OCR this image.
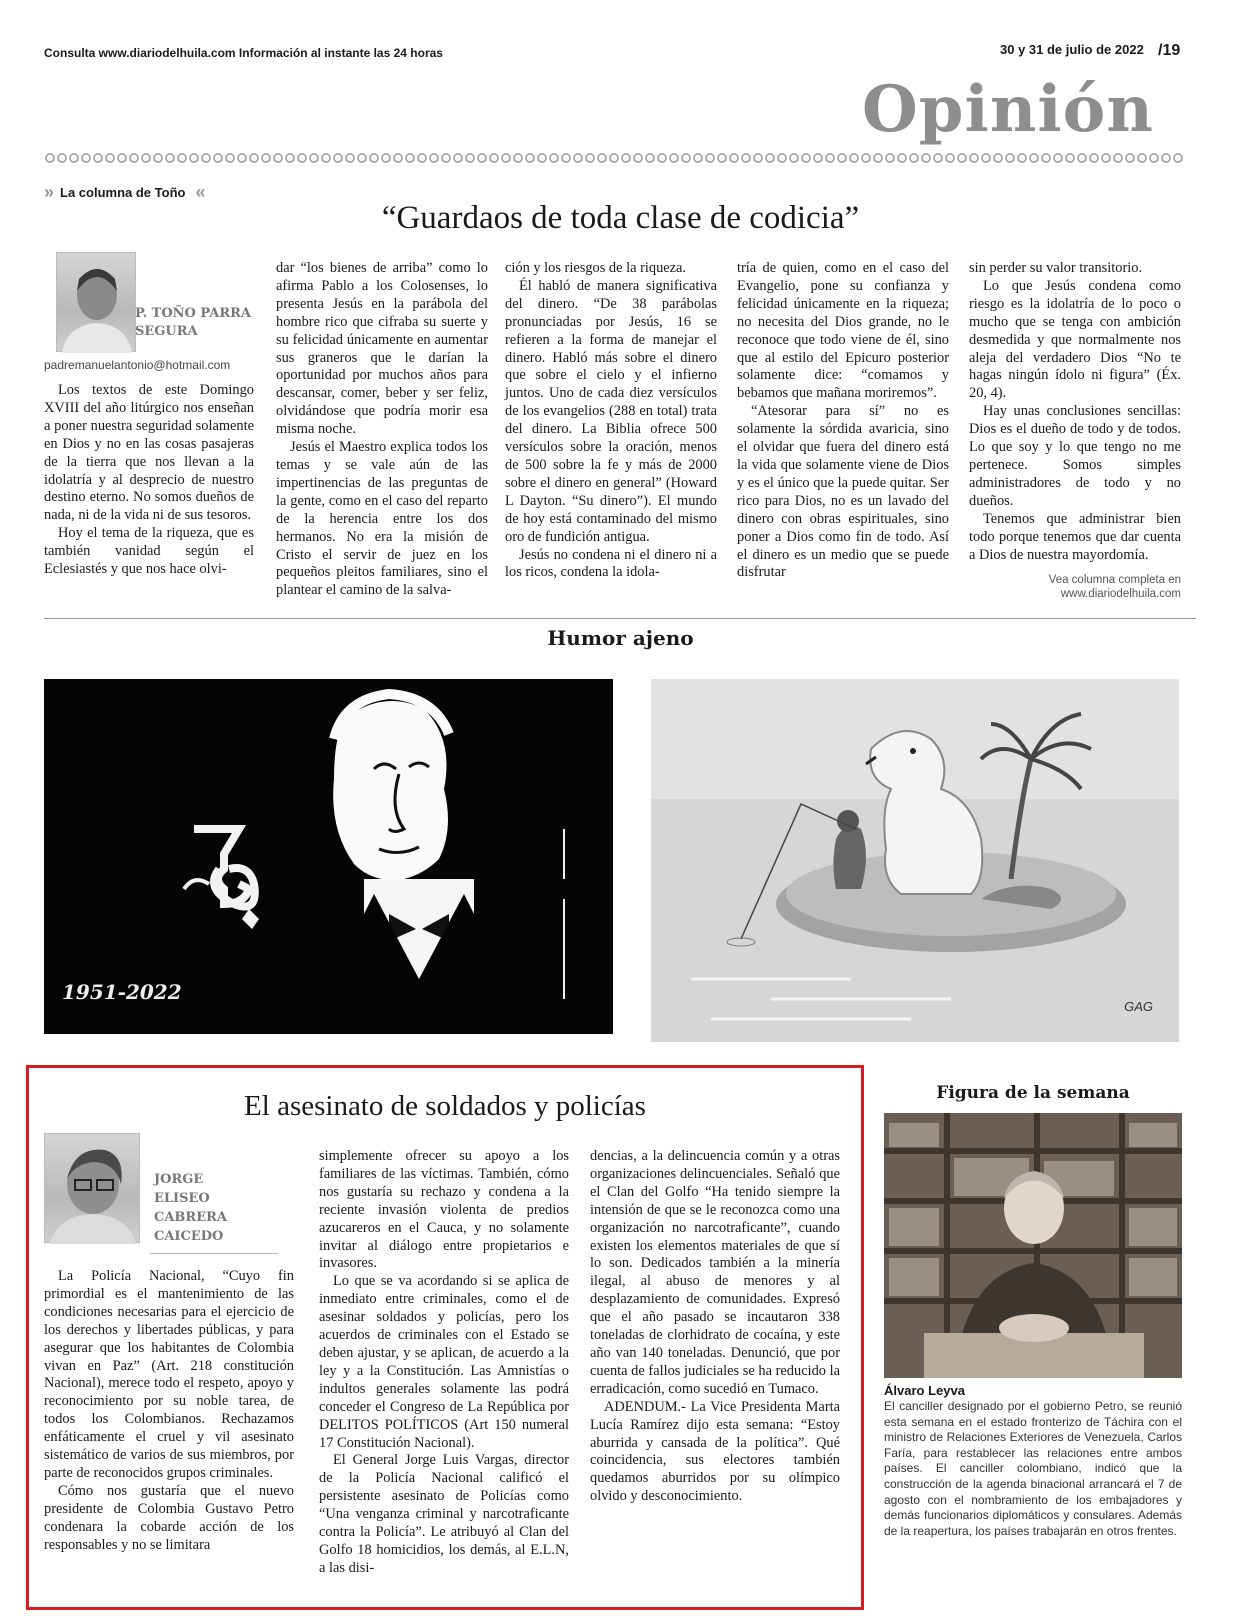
Consulta www.diariodelhuila.com Información al instante las 24 horas	30 y 31 de julio de 2022 /19
Opinión
» La columna de Toño «
“Guardaos de toda clase de codicia”
P. TOÑO PARRA SEGURA
padremanuelantonio@hotmail.com

Los textos de este Domingo XVIII del año litúrgico nos enseñan a poner nuestra seguridad solamente en Dios y no en las cosas pasajeras de la tierra que nos llevan a la idolatría y al desprecio de nuestro destino eterno. No somos dueños de nada, ni de la vida ni de sus tesoros.

Hoy el tema de la riqueza, que es también vanidad según el Eclesiastés y que nos hace olvi-

dar “los bienes de arriba” como lo afirma Pablo a los Colosenses, lo presenta Jesús en la parábola del hombre rico que cifraba su suerte y su felicidad únicamente en aumentar sus graneros que le darían la oportunidad por muchos años para descansar, comer, beber y ser feliz, olvidándose que podría morir esa misma noche.

Jesús el Maestro explica todos los temas y se vale aún de las impertinencias de las preguntas de la gente, como en el caso del reparto de la herencia entre los dos hermanos. No era la misión de Cristo el servir de juez en los pequeños pleitos familiares, sino el plantear el camino de la salva-

ción y los riesgos de la riqueza.

Él habló de manera significativa del dinero. “De 38 parábolas pronunciadas por Jesús, 16 se refieren a la forma de manejar el dinero. Habló más sobre el dinero que sobre el cielo y el infierno juntos. Uno de cada diez versículos de los evangelios (288 en total) trata del dinero. La Biblia ofrece 500 versículos sobre la oración, menos de 500 sobre la fe y más de 2000 sobre el dinero en general” (Howard L Dayton. “Su dinero”). El mundo de hoy está contaminado del mismo oro de fundición antigua.

Jesús no condena ni el dinero ni a los ricos, condena la idola-

tría de quien, como en el caso del Evangelio, pone su confianza y felicidad únicamente en la riqueza; no necesita del Dios grande, no le reconoce que todo viene de él, sino que al estilo del Epicuro posterior solamente dice: “comamos y bebamos que mañana moriremos”.

“Atesorar para sí” no es solamente la sórdida avaricia, sino el olvidar que fuera del dinero está la vida que solamente viene de Dios y es el único que la puede quitar. Ser rico para Dios, no es un lavado del dinero con obras espirituales, sino poner a Dios como fin de todo. Así el dinero es un medio que se puede disfrutar

sin perder su valor transitorio.

Lo que Jesús condena como riesgo es la idolatría de lo poco o mucho que se tenga con ambición desmedida y que normalmente nos aleja del verdadero Dios “No te hagas ningún ídolo ni figura” (Éx. 20, 4).

Hay unas conclusiones sencillas: Dios es el dueño de todo y de todos. Lo que soy y lo que tengo no me pertenece. Somos simples administradores de todo y no dueños.

Tenemos que administrar bien todo porque tenemos que dar cuenta a Dios de nuestra mayordomía.

Vea columna completa en www.diariodelhuila.com
Humor ajeno
1951-2022
GAG
El asesinato de soldados y policías
JORGE
ELISEO
CABRERA
CAICEDO

La Policía Nacional, “Cuyo fin primordial es el mantenimiento de las condiciones necesarias para el ejercicio de los derechos y libertades públicas, y para asegurar que los habitantes de Colombia vivan en Paz” (Art. 218 constitución Nacional), merece todo el respeto, apoyo y reconocimiento por su noble tarea, de todos los Colombianos. Rechazamos enfáticamente el cruel y vil asesinato sistemático de varios de sus miembros, por parte de reconocidos grupos criminales.

Cómo nos gustaría que el nuevo presidente de Colombia Gustavo Petro condenara la cobarde acción de los responsables y no se limitara

simplemente ofrecer su apoyo a los familiares de las víctimas. También, cómo nos gustaría su rechazo y condena a la reciente invasión violenta de predios azucareros en el Cauca, y no solamente invitar al diálogo entre propietarios e invasores.

Lo que se va acordando si se aplica de inmediato entre criminales, como el de asesinar soldados y policías, pero los acuerdos de criminales con el Estado se deben ajustar, y se aplican, de acuerdo a la ley y a la Constitución. Las Amnistías o indultos generales solamente las podrá conceder el Congreso de La República por DELITOS POLÍTICOS (Art 150 numeral 17 Constitución Nacional).

El General Jorge Luis Vargas, director de la Policía Nacional calificó el persistente asesinato de Policías como “Una venganza criminal y narcotraficante contra la Policía”. Le atribuyó al Clan del Golfo 18 homicidios, los demás, al E.L.N, a las disi-

dencias, a la delincuencia común y a otras organizaciones delincuenciales. Señaló que el Clan del Golfo “Ha tenido siempre la intensión de que se le reconozca como una organización no narcotraficante”, cuando existen los elementos materiales de que sí lo son. Dedicados también a la minería ilegal, al abuso de menores y al desplazamiento de comunidades. Expresó que el año pasado se incautaron 338 toneladas de clorhidrato de cocaína, y este año van 140 toneladas. Denunció, que por cuenta de fallos judiciales se ha reducido la erradicación, como sucedió en Tumaco.

ADENDUM.- La Vice Presidenta Marta Lucía Ramírez dijo esta semana: “Estoy aburrida y cansada de la política”. Qué coincidencia, sus electores también quedamos aburridos por su olímpico olvido y desconocimiento.

Figura de la semana
Álvaro Leyva
El canciller designado por el gobierno Petro, se reunió esta semana en el estado fronterizo de Táchira con el ministro de Relaciones Exteriores de Venezuela, Carlos Faría, para restablecer las relaciones entre ambos países. El canciller colombiano, indicó que la construcción de la agenda binacional arrancará el 7 de agosto con el nombramiento de los embajadores y demás funcionarios diplomáticos y consulares. Además de la reapertura, los países trabajarán en otros frentes.
